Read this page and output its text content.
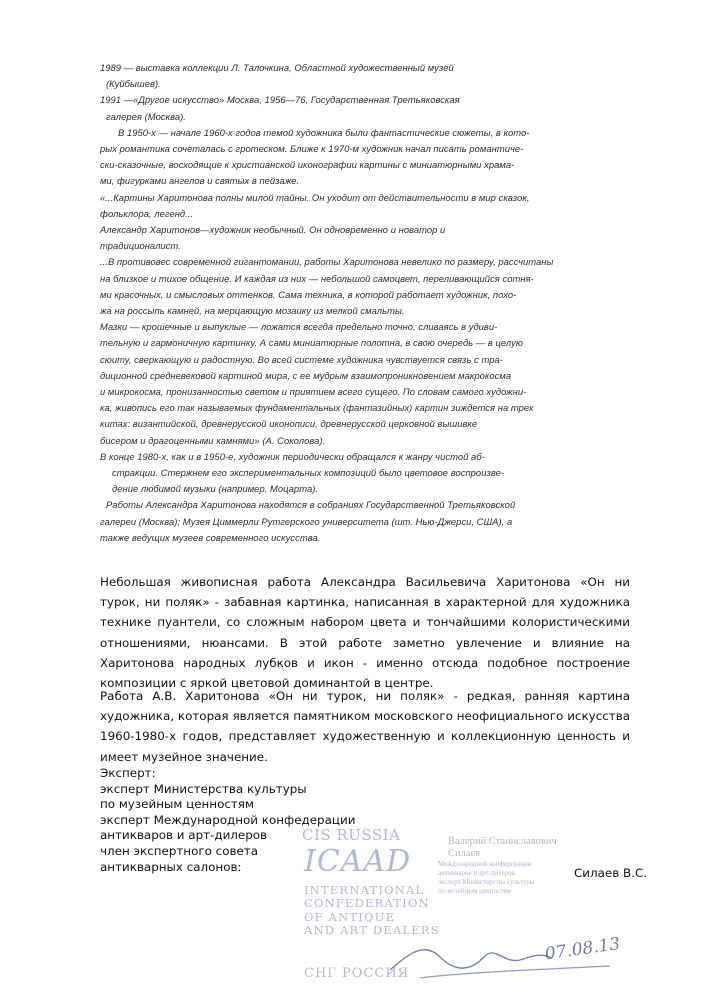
1989 — выставка коллекции Л. Талочкина, Областной художественный музей
(Куйбышев).

1991 —«Другое искусство» Москва, 1956—76, Государственная Третьяковская
галерея (Москва).

В 1950-х — начале 1960-х годов темой художника были фантастические сюжеты, в кото-
рых романтика сочеталась с гротеском. Ближе к 1970-м художник начал писать романтиче-
ски-сказочные, восходящие к христианской иконографии картины с миниатюрными храма-
ми, фигурками ангелов и святых в пейзаже.

«...Картины Харитонова полны милой тайны. Он уходит от действительности в мир сказок,
фольклора, легенд...

Александр Харитонов—художник необычный. Он одновременно и новатор и
традиционалист.

...В противовес современной гигантомании, работы Харитонова невелико по размеру, рассчитаны
на близкое и тихое общение. И каждая из них — небольшой самоцвет, переливающийся сотня-
ми красочных, и смысловых оттенков. Сама техника, в которой работает художник, похо-
жа на россыпь камней, на мерцающую мозаику из мелкой смальты.

Мазки — крошечные и выпуклые — ложатся всегда предельно точно, сливаясь в удиви-
тельную и гармоничную картинку. А сами миниатюрные полотна, в свою очередь — в целую
сюиту, сверкающую и радостную. Во всей системе художника чувствуется связь с тра-
диционной средневековой картиной мира, с ее мудрым взаимопроникновением макрокосма
и микрокосма, пронизанностью светом и приятием всего сущего. По словам самого художни-
ка, живопись его так называемых фундаментальных (фантазийных) картин зиждется на трех
китах: византийской, древнерусской иконописи, древнерусской церковной вышивке
бисером и драгоценными камнями» (А. Соколова).

В конце 1980-х, как и в 1950-е, художник периодически обращался к жанру чистой аб-
стракции. Стержнем его экспериментальных композиций было цветовое воспроизве-
дение любимой музыки (например, Моцарта).

Работы Александра Харитонова находятся в собраниях Государственной Третьяковской
галереи (Москва); Музея Циммерли Рутгерского университета (шт. Нью-Джерси, США), а
также ведущих музеев современного искусства.

Небольшая живописная работа Александра Васильевича Харитонова «Он ни турок, ни поляк» - забавная картинка, написанная в характерной для художника технике пуантели, со сложным набором цвета и тончайшими колористическими отношениями, нюансами. В этой работе заметно увлечение и влияние на Харитонова народных лубков и икон - именно отсюда подобное построение композиции с яркой цветовой доминантой в центре.

Работа А.В. Харитонова «Он ни турок, ни поляк» - редкая, ранняя картина художника, которая является памятником московского неофициального искусства 1960-1980-х годов, представляет художественную и коллекционную ценность и имеет музейное значение.

Эксперт:
эксперт Министерства культуры
по музейным ценностям
эксперт Международной конфедерации
антикваров и арт-дилеров
член экспертного совета
антикварных салонов:
CIS RUSSIA
ICAAD
INTERNATIONAL
CONFEDERATION
OF ANTIQUE
AND ART DEALERS
СНГ РОССИЯ
Валерий Станиславович
Силаев
Международной конфедерации
антикваров и арт-дилеров
эксперт Министерства культуры
по музейным ценностям
Силаев В.С.
07.08.13
